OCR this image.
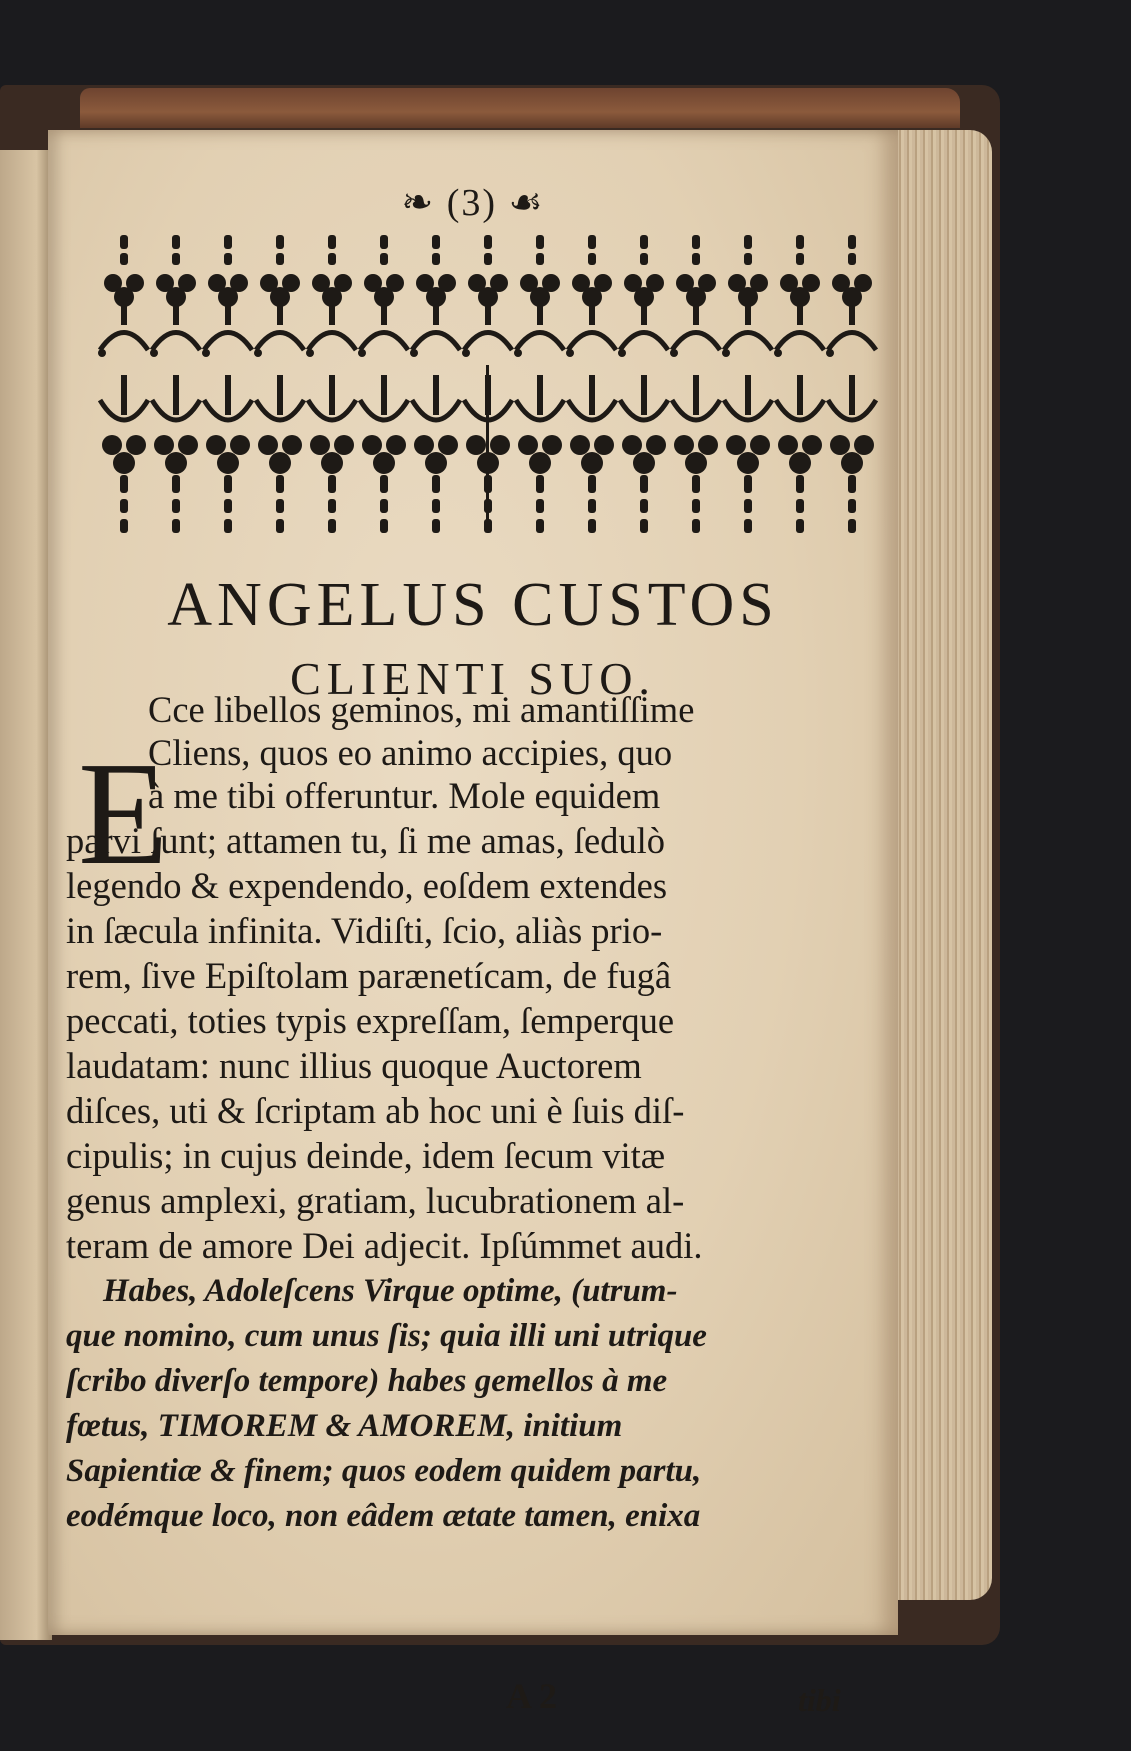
❧ (3) ☙
ANGELUS CUSTOS
CLIENTI SUO.
E
Cce libellos geminos, mi amantiſſime
Cliens, quos eo animo accipies, quo
à me tibi offeruntur. Mole equidem
parvi ſunt; attamen tu, ſi me amas, ſedulò
legendo & expendendo, eoſdem extendes
in ſæcula infinita. Vidiſti, ſcio, aliàs prio-
rem, ſive Epiſtolam parænetícam, de fugâ
peccati, toties typis expreſſam, ſemperque
laudatam: nunc illius quoque Auctorem
diſces, uti & ſcriptam ab hoc uni è ſuis diſ-
cipulis; in cujus deinde, idem ſecum vitæ
genus amplexi, gratiam, lucubrationem al-
teram de amore Dei adjecit. Ipſúmmet audi.
Habes, Adoleſcens Virque optime, (utrum-
que nomino, cum unus ſis; quia illi uni utrique
ſcribo diverſo tempore) habes gemellos à me
fœtus, TIMOREM & AMOREM, initium
Sapientiæ & finem; quos eodem quidem partu,
eodémque loco, non eâdem ætate tamen, enixa
A 2	tibi
